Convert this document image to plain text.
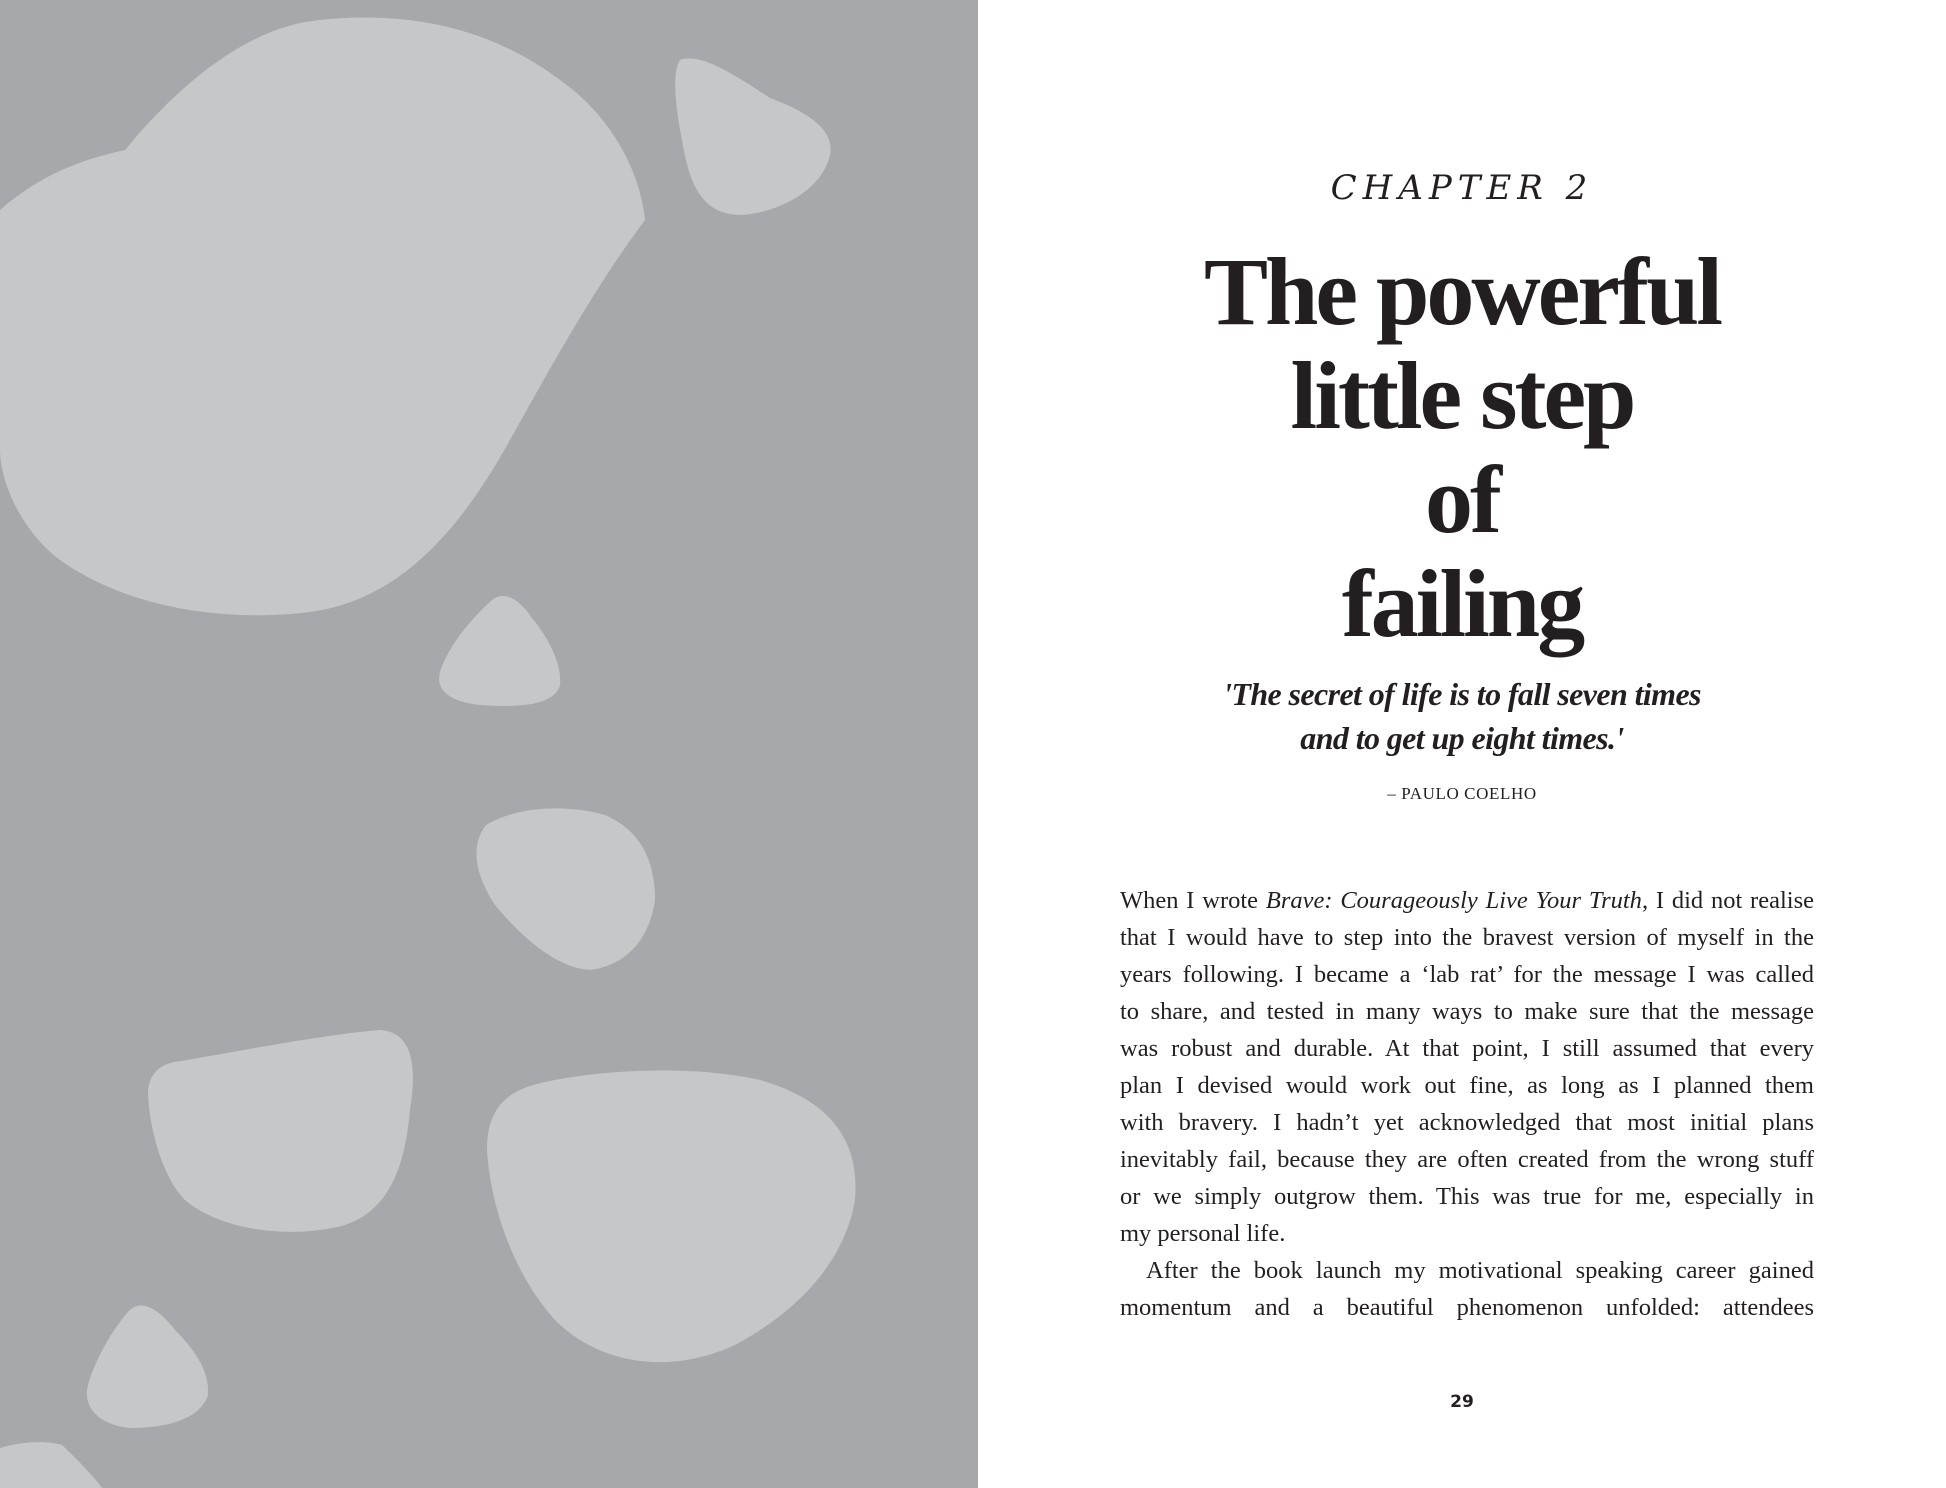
CHAPTER 2

The powerful
little step
of
failing

'The secret of life is to fall seven times
and to get up eight times.'

– PAULO COELHO

When I wrote Brave: Courageously Live Your Truth, I did not realise
that I would have to step into the bravest version of myself in the
years following. I became a ‘lab rat’ for the message I was called
to share, and tested in many ways to make sure that the message
was robust and durable. At that point, I still assumed that every
plan I devised would work out fine, as long as I planned them
with bravery. I hadn’t yet acknowledged that most initial plans
inevitably fail, because they are often created from the wrong stuff
or we simply outgrow them. This was true for me, especially in
my personal life.
After the book launch my motivational speaking career gained
momentum and a beautiful phenomenon unfolded: attendees

29
